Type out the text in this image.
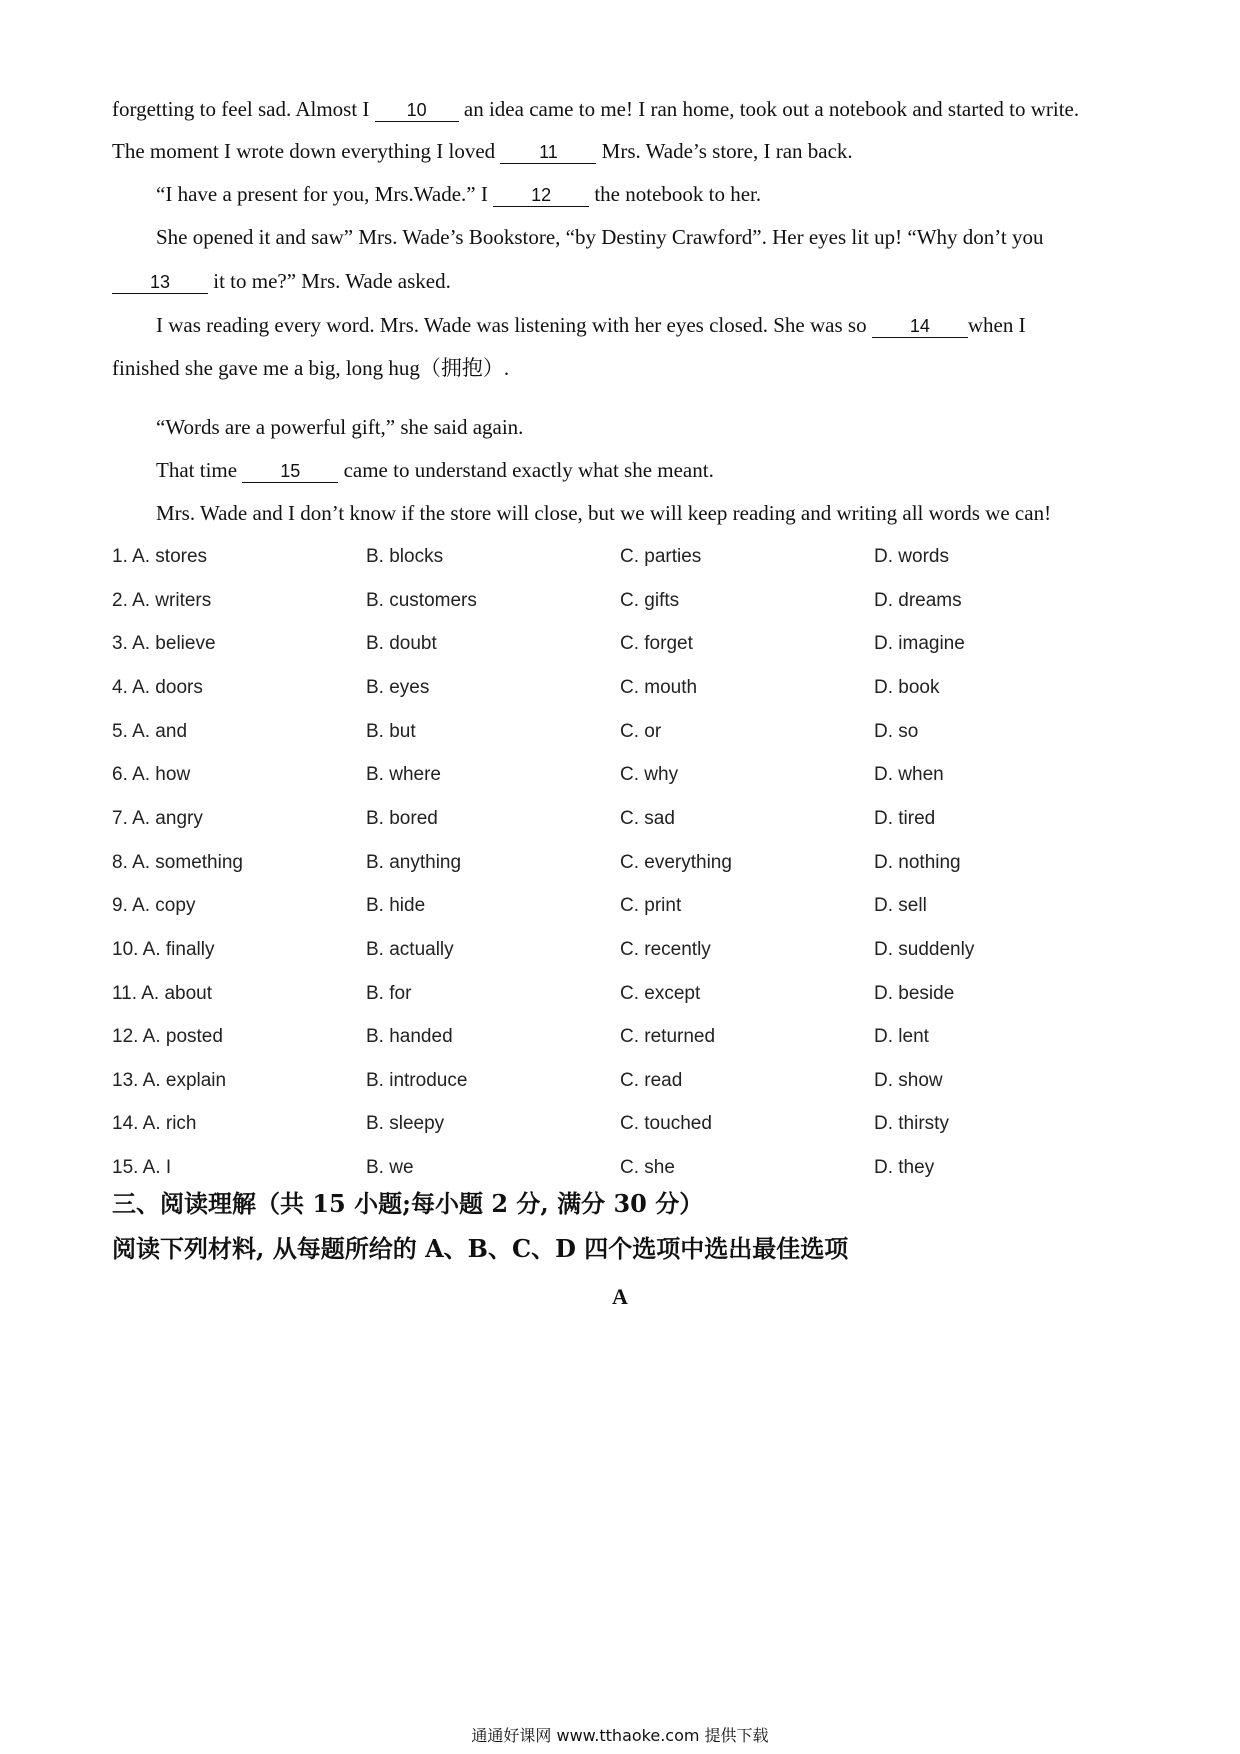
forgetting to feel sad. Almost I 10 an idea came to me! I ran home, took out a notebook and started to write.
The moment I wrote down everything I loved 11 Mrs. Wade’s store, I ran back.
“I have a present for you, Mrs.Wade.” I 12 the notebook to her.
She opened it and saw” Mrs. Wade’s Bookstore, “by Destiny Crawford”. Her eyes lit up! “Why don’t you
13 it to me?” Mrs. Wade asked.
I was reading every word. Mrs. Wade was listening with her eyes closed. She was so 14 when I
finished she gave me a big, long hug（拥抱）.
“Words are a powerful gift,” she said again.
That time 15 came to understand exactly what she meant.
Mrs. Wade and I don’t know if the store will close, but we will keep reading and writing all words we can!
1. A. stores	B. blocks	C. parties	D. words
2. A. writers	B. customers	C. gifts	D. dreams
3. A. believe	B. doubt	C. forget	D. imagine
4. A. doors	B. eyes	C. mouth	D. book
5. A. and	B. but	C. or	D. so
6. A. how	B. where	C. why	D. when
7. A. angry	B. bored	C. sad	D. tired
8. A. something	B. anything	C. everything	D. nothing
9. A. copy	B. hide	C. print	D. sell
10. A. finally	B. actually	C. recently	D. suddenly
11. A. about	B. for	C. except	D. beside
12. A. posted	B. handed	C. returned	D. lent
13. A. explain	B. introduce	C. read	D. show
14. A. rich	B. sleepy	C. touched	D. thirsty
15. A. I	B. we	C. she	D. they
三、阅读理解（共 15 小题;每小题 2 分, 满分 30 分）
阅读下列材料, 从每题所给的 A、B、C、D 四个选项中选出最佳选项
A
通通好课网 www.tthaoke.com 提供下载
